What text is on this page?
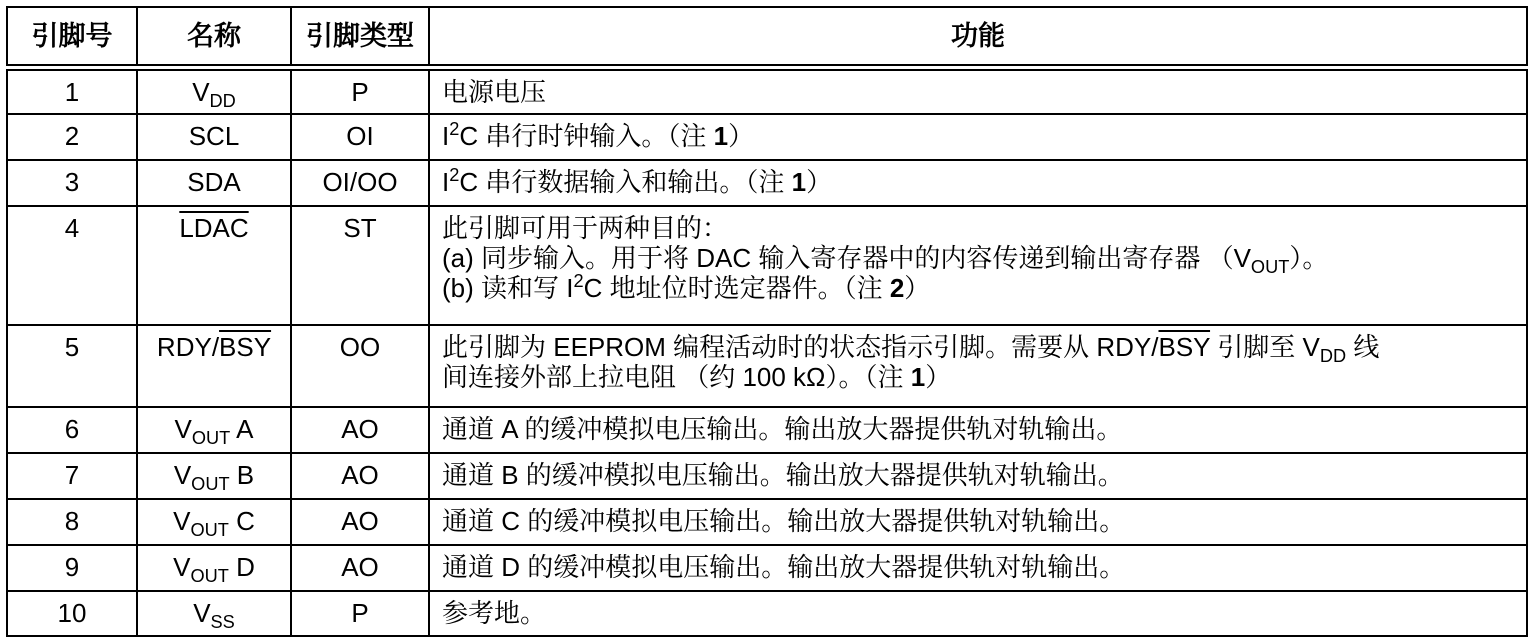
引脚号	名称	引脚类型	功能
1	$V_{DD}$	P	电源电压
2	SCL	OI	$I^2C$ 串行时钟输入。（注 1）
3	SDA	OI/OO	$I^2C$ 串行数据输入和输出。（注 1）
4	LDAC	ST	此引脚可用于两种目的：
(a) 同步输入。用于将 DAC 输入寄存器中的内容传递到输出寄存器 $(V_{OUT})$。
(b) 读和写 $I^2C$ 地址位时选定器件。（注 2）

5	RDY/$\overline{BSY}$	OO	此引脚为 EEPROM 编程活动时的状态指示引脚。需要从 RDY/$\overline{BSY}$ 引脚至 $V_{DD}$ 线
间连接外部上拉电阻 （约 100 kΩ）。（注 1）

6	$V_{OUT}$ A	AO	通道 A 的缓冲模拟电压输出。输出放大器提供轨对轨输出。
7	$V_{OUT}$ B	AO	通道 B 的缓冲模拟电压输出。输出放大器提供轨对轨输出。
8	$V_{OUT}$ C	AO	通道 C 的缓冲模拟电压输出。输出放大器提供轨对轨输出。
9	$V_{OUT}$ D	AO	通道 D 的缓冲模拟电压输出。输出放大器提供轨对轨输出。
10	$V_{SS}$	P	参考地。
